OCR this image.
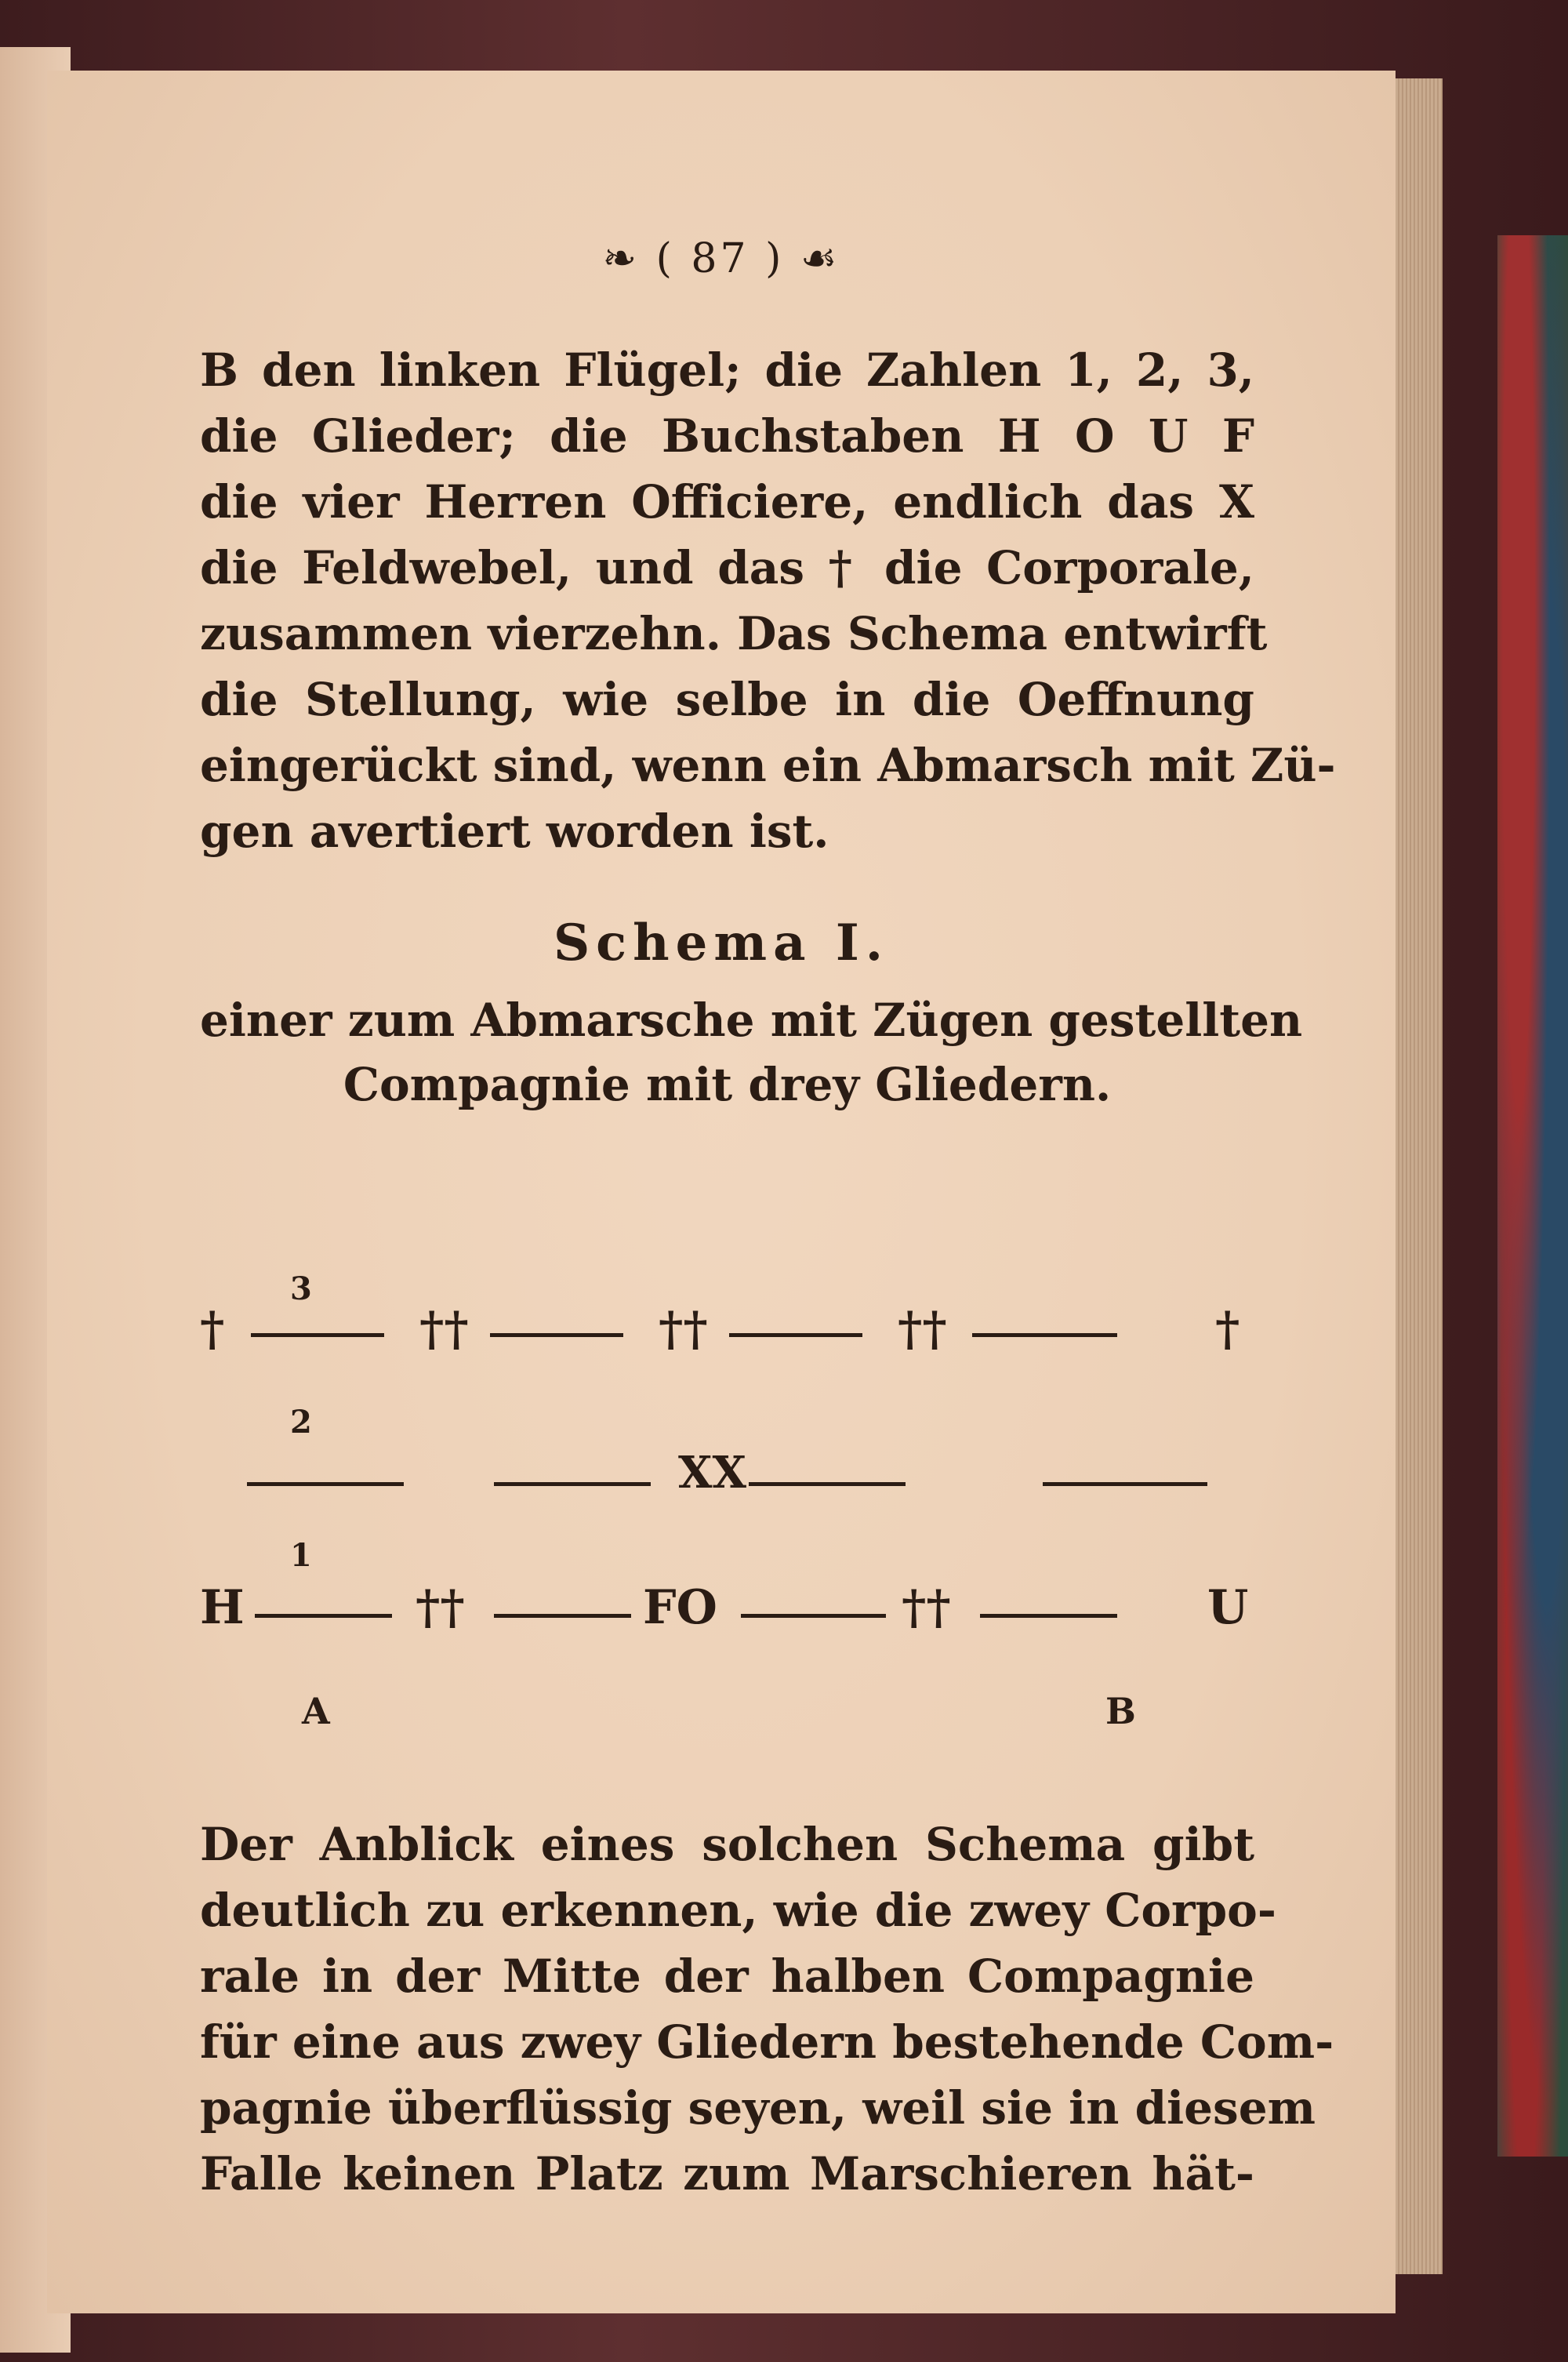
❧ ( 87 ) ☙
B den linken Flügel; die Zahlen 1, 2, 3,
die Glieder; die Buchstaben H O U F
die vier Herren Officiere, endlich das X
die Feldwebel, und das † die Corporale,
zusammen vierzehn. Das Schema entwirft
die Stellung, wie selbe in die Oeffnung
eingerückt sind, wenn ein Abmarsch mit Zü-
gen avertiert worden ist.
Schema I.
einer zum Abmarsche mit Zügen gestellten
Compagnie mit drey Gliedern.
3
†	††	††	††	†
2
XX
1
H	††	FO	††	U
A	B
Der Anblick eines solchen Schema gibt
deutlich zu erkennen, wie die zwey Corpo-
rale in der Mitte der halben Compagnie
für eine aus zwey Gliedern bestehende Com-
pagnie überflüssig seyen, weil sie in diesem
Falle keinen Platz zum Marschieren hät-
